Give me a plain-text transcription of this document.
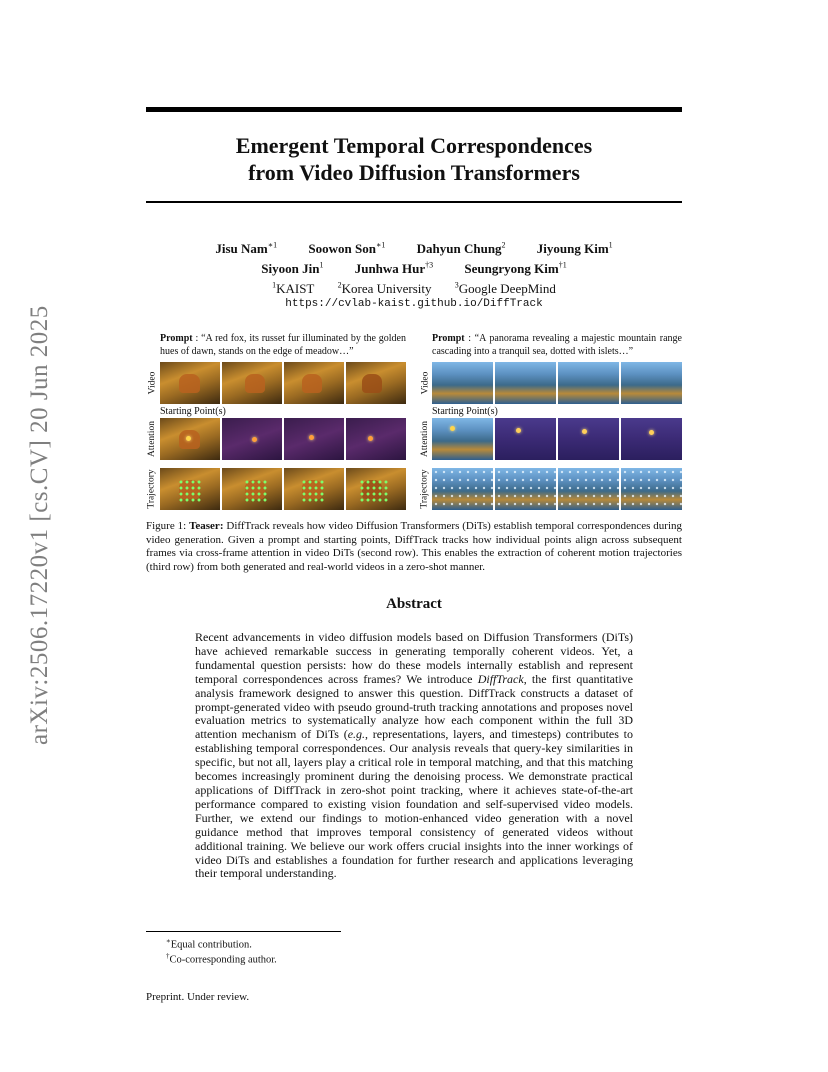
arXiv:2506.17220v1 [cs.CV] 20 Jun 2025
Emergent Temporal Correspondences
from Video Diffusion Transformers
Jisu Nam$^{∗1}$ Soowon Son$^{∗1}$ Dahyun Chung$^2$ Jiyoung Kim$^1$
Siyoon Jin$^1$ Junhwa Hur$^{\dagger 3}$ Seungryong Kim$^{\dagger 1}$
$^1$KAIST	$^2$Korea University	$^3$Google DeepMind
https://cvlab-kaist.github.io/DiffTrack
Prompt : “A red fox, its russet fur illuminated by the golden hues of dawn, stands on the edge of meadow…”
Video
Starting Point(s)
Attention
Trajectory
Prompt : “A panorama revealing a majestic mountain range cascading into a tranquil sea, dotted with islets…”
Video
Starting Point(s)
Attention
Trajectory
Figure 1: Teaser: DiffTrack reveals how video Diffusion Transformers (DiTs) establish temporal correspondences during video generation. Given a prompt and starting points, DiffTrack tracks how individual points align across subsequent frames via cross-frame attention in video DiTs (second row). This enables the extraction of coherent motion trajectories (third row) from both generated and real-world videos in a zero-shot manner.
Abstract
Recent advancements in video diffusion models based on Diffusion Transformers (DiTs) have achieved remarkable success in generating temporally coherent videos. Yet, a fundamental question persists: how do these models internally establish and represent temporal correspondences across frames? We introduce DiffTrack, the first quantitative analysis framework designed to answer this question. DiffTrack constructs a dataset of prompt-generated video with pseudo ground-truth tracking annotations and proposes novel evaluation metrics to systematically analyze how each component within the full 3D attention mechanism of DiTs (e.g., representations, layers, and timesteps) contributes to establishing temporal correspondences. Our analysis reveals that query-key similarities in specific, but not all, layers play a critical role in temporal matching, and that this matching becomes increasingly prominent during the denoising process. We demonstrate practical applications of DiffTrack in zero-shot point tracking, where it achieves state-of-the-art performance compared to existing vision foundation and self-supervised video models. Further, we extend our findings to motion-enhanced video generation with a novel guidance method that improves temporal consistency of generated videos without additional training. We believe our work offers crucial insights into the inner workings of video DiTs and establishes a foundation for further research and applications leveraging their temporal understanding.
∗Equal contribution.
†Co-corresponding author.
Preprint. Under review.
